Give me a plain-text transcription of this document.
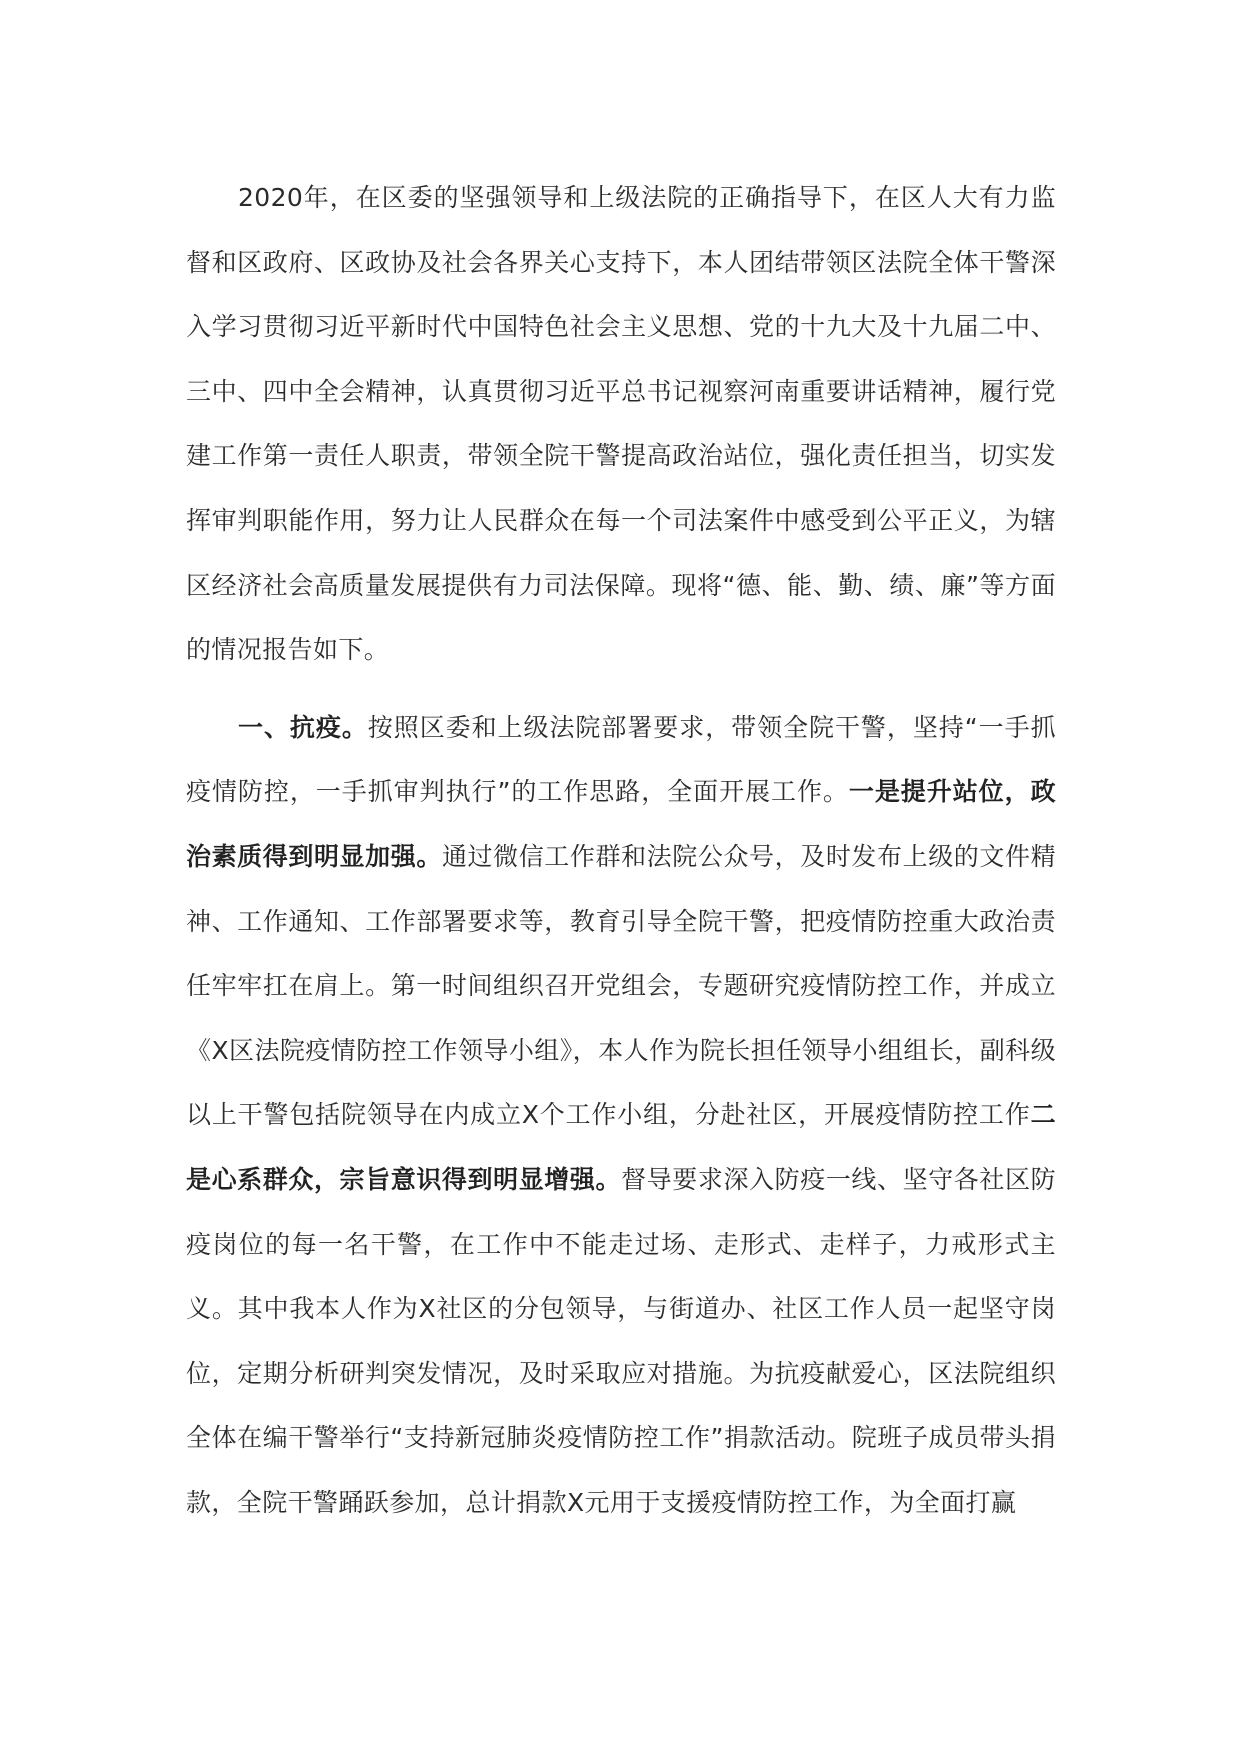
2020年，在区委的坚强领导和上级法院的正确指导下，在区人大有力监督和区政府、区政协及社会各界关心支持下，本人团结带领区法院全体干警深入学习贯彻习近平新时代中国特色社会主义思想、党的十九大及十九届二中、三中、四中全会精神，认真贯彻习近平总书记视察河南重要讲话精神，履行党建工作第一责任人职责，带领全院干警提高政治站位，强化责任担当，切实发挥审判职能作用，努力让人民群众在每一个司法案件中感受到公平正义，为辖区经济社会高质量发展提供有力司法保障。现将“德、能、勤、绩、廉”等方面的情况报告如下。

一、抗疫。按照区委和上级法院部署要求，带领全院干警，坚持“一手抓疫情防控，一手抓审判执行”的工作思路，全面开展工作。一是提升站位，政治素质得到明显加强。通过微信工作群和法院公众号，及时发布上级的文件精神、工作通知、工作部署要求等，教育引导全院干警，把疫情防控重大政治责任牢牢扛在肩上。第一时间组织召开党组会，专题研究疫情防控工作，并成立《X区法院疫情防控工作领导小组》，本人作为院长担任领导小组组长，副科级以上干警包括院领导在内成立X个工作小组，分赴社区，开展疫情防控工作二是心系群众，宗旨意识得到明显增强。督导要求深入防疫一线、坚守各社区防疫岗位的每一名干警，在工作中不能走过场、走形式、走样子，力戒形式主义。其中我本人作为X社区的分包领导，与街道办、社区工作人员一起坚守岗位，定期分析研判突发情况，及时采取应对措施。为抗疫献爱心，区法院组织全体在编干警举行“支持新冠肺炎疫情防控工作”捐款活动。院班子成员带头捐款，全院干警踊跃参加，总计捐款X元用于支援疫情防控工作，为全面打赢
